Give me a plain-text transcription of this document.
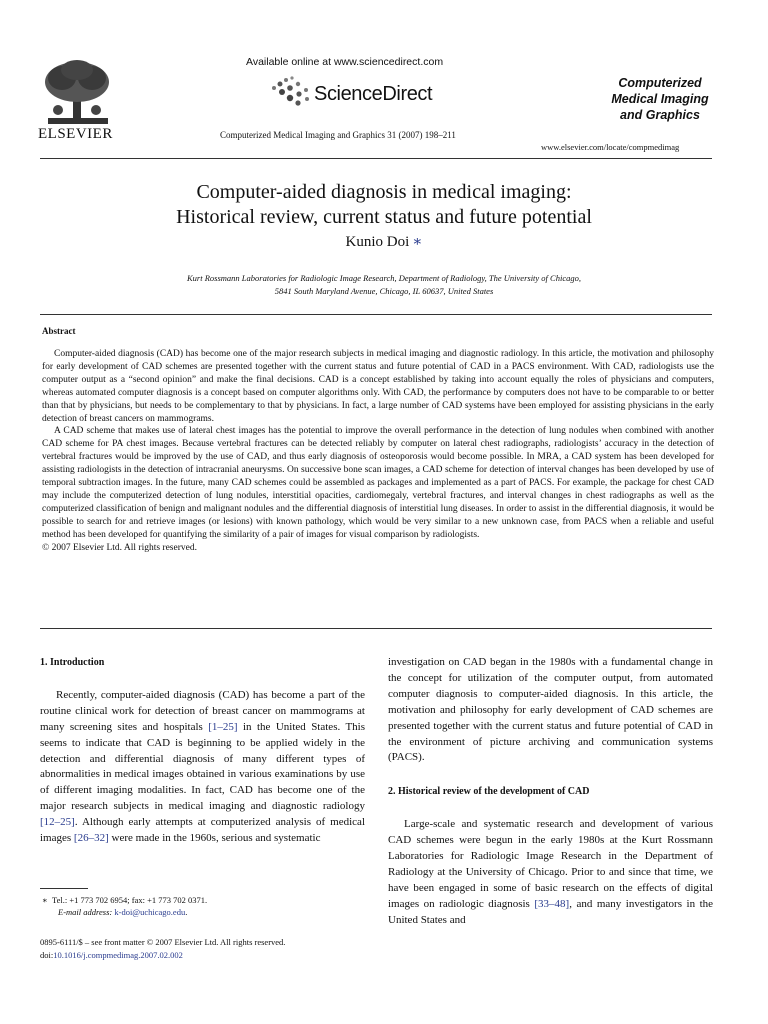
ELSEVIER
Available online at www.sciencedirect.com
ScienceDirect
Computerized Medical Imaging and Graphics 31 (2007) 198–211
Computerized
Medical Imaging
and Graphics
www.elsevier.com/locate/compmedimag
Computer-aided diagnosis in medical imaging:
Historical review, current status and future potential
Kunio Doi ∗
Kurt Rossmann Laboratories for Radiologic Image Research, Department of Radiology, The University of Chicago,
5841 South Maryland Avenue, Chicago, IL 60637, United States
Abstract

Computer-aided diagnosis (CAD) has become one of the major research subjects in medical imaging and diagnostic radiology. In this article, the motivation and philosophy for early development of CAD schemes are presented together with the current status and future potential of CAD in a PACS environment. With CAD, radiologists use the computer output as a “second opinion” and make the final decisions. CAD is a concept established by taking into account equally the roles of physicians and computers, whereas automated computer diagnosis is a concept based on computer algorithms only. With CAD, the performance by computers does not have to be comparable to or better than that by physicians, but needs to be complementary to that by physicians. In fact, a large number of CAD systems have been employed for assisting physicians in the early detection of breast cancers on mammograms.

A CAD scheme that makes use of lateral chest images has the potential to improve the overall performance in the detection of lung nodules when combined with another CAD scheme for PA chest images. Because vertebral fractures can be detected reliably by computer on lateral chest radiographs, radiologists’ accuracy in the detection of vertebral fractures would be improved by the use of CAD, and thus early diagnosis of osteoporosis would become possible. In MRA, a CAD system has been developed for assisting radiologists in the detection of intracranial aneurysms. On successive bone scan images, a CAD scheme for detection of interval changes has been developed by use of temporal subtraction images. In the future, many CAD schemes could be assembled as packages and implemented as a part of PACS. For example, the package for chest CAD may include the computerized detection of lung nodules, interstitial opacities, cardiomegaly, vertebral fractures, and interval changes in chest radiographs as well as the computerized classification of benign and malignant nodules and the differential diagnosis of interstitial lung diseases. In order to assist in the differential diagnosis, it would be possible to search for and retrieve images (or lesions) with known pathology, which would be very similar to a new unknown case, from PACS when a reliable and useful method has been developed for quantifying the similarity of a pair of images for visual comparison by radiologists.

© 2007 Elsevier Ltd. All rights reserved.

1. Introduction

Recently, computer-aided diagnosis (CAD) has become a part of the routine clinical work for detection of breast cancer on mammograms at many screening sites and hospitals [1–25] in the United States. This seems to indicate that CAD is beginning to be applied widely in the detection and differential diagnosis of many different types of abnormalities in medical images obtained in various examinations by use of different imaging modalities. In fact, CAD has become one of the major research subjects in medical imaging and diagnostic radiology [12–25]. Although early attempts at computerized analysis of medical images [26–32] were made in the 1960s, serious and systematic

∗ Tel.: +1 773 702 6954; fax: +1 773 702 0371.
E-mail address: k-doi@uchicago.edu.
0895-6111/$ – see front matter © 2007 Elsevier Ltd. All rights reserved.
doi:10.1016/j.compmedimag.2007.02.002

investigation on CAD began in the 1980s with a fundamental change in the concept for utilization of the computer output, from automated computer diagnosis to computer-aided diagnosis. In this article, the motivation and philosophy for early development of CAD schemes are presented together with the current status and future potential of CAD in the environment of picture archiving and communication systems (PACS).

2. Historical review of the development of CAD

Large-scale and systematic research and development of various CAD schemes were begun in the early 1980s at the Kurt Rossmann Laboratories for Radiologic Image Research in the Department of Radiology at the University of Chicago. Prior to and since that time, we have been engaged in some of basic research on the effects of digital images on radiologic diagnosis [33–48], and many investigators in the United States and
